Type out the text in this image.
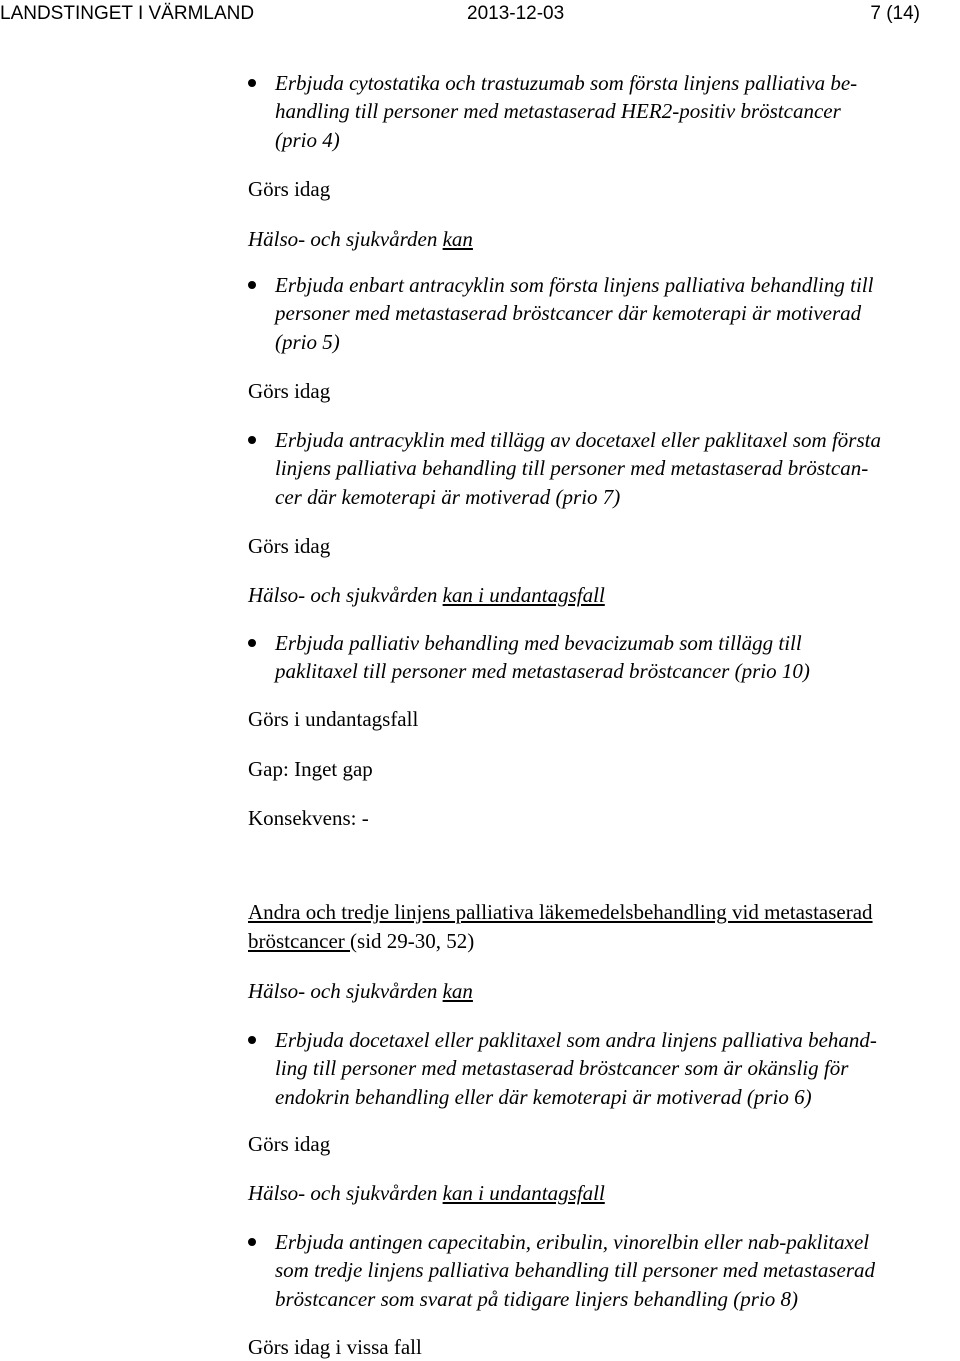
LANDSTINGET I VÄRMLAND	2013-12-03	7 (14)
Erbjuda cytostatika och trastuzumab som första linjens palliativa be-
handling till personer med metastaserad HER2-positiv bröstcancer
(prio 4)

Görs idag

Hälso- och sjukvården kan

Erbjuda enbart antracyklin som första linjens palliativa behandling till
personer med metastaserad bröstcancer där kemoterapi är motiverad
(prio 5)

Görs idag

Erbjuda antracyklin med tillägg av docetaxel eller paklitaxel som första
linjens palliativa behandling till personer med metastaserad bröstcan-
cer där kemoterapi är motiverad (prio 7)

Görs idag

Hälso- och sjukvården kan i undantagsfall

Erbjuda palliativ behandling med bevacizumab som tillägg till
paklitaxel till personer med metastaserad bröstcancer (prio 10)

Görs i undantagsfall

Gap: Inget gap

Konsekvens: -

Andra och tredje linjens palliativa läkemedelsbehandling vid metastaserad

bröstcancer (sid 29-30, 52)

Hälso- och sjukvården kan

Erbjuda docetaxel eller paklitaxel som andra linjens palliativa behand-
ling till personer med metastaserad bröstcancer som är okänslig för
endokrin behandling eller där kemoterapi är motiverad (prio 6)

Görs idag

Hälso- och sjukvården kan i undantagsfall

Erbjuda antingen capecitabin, eribulin, vinorelbin eller nab-paklitaxel
som tredje linjens palliativa behandling till personer med metastaserad
bröstcancer som svarat på tidigare linjers behandling (prio 8)

Görs idag i vissa fall
